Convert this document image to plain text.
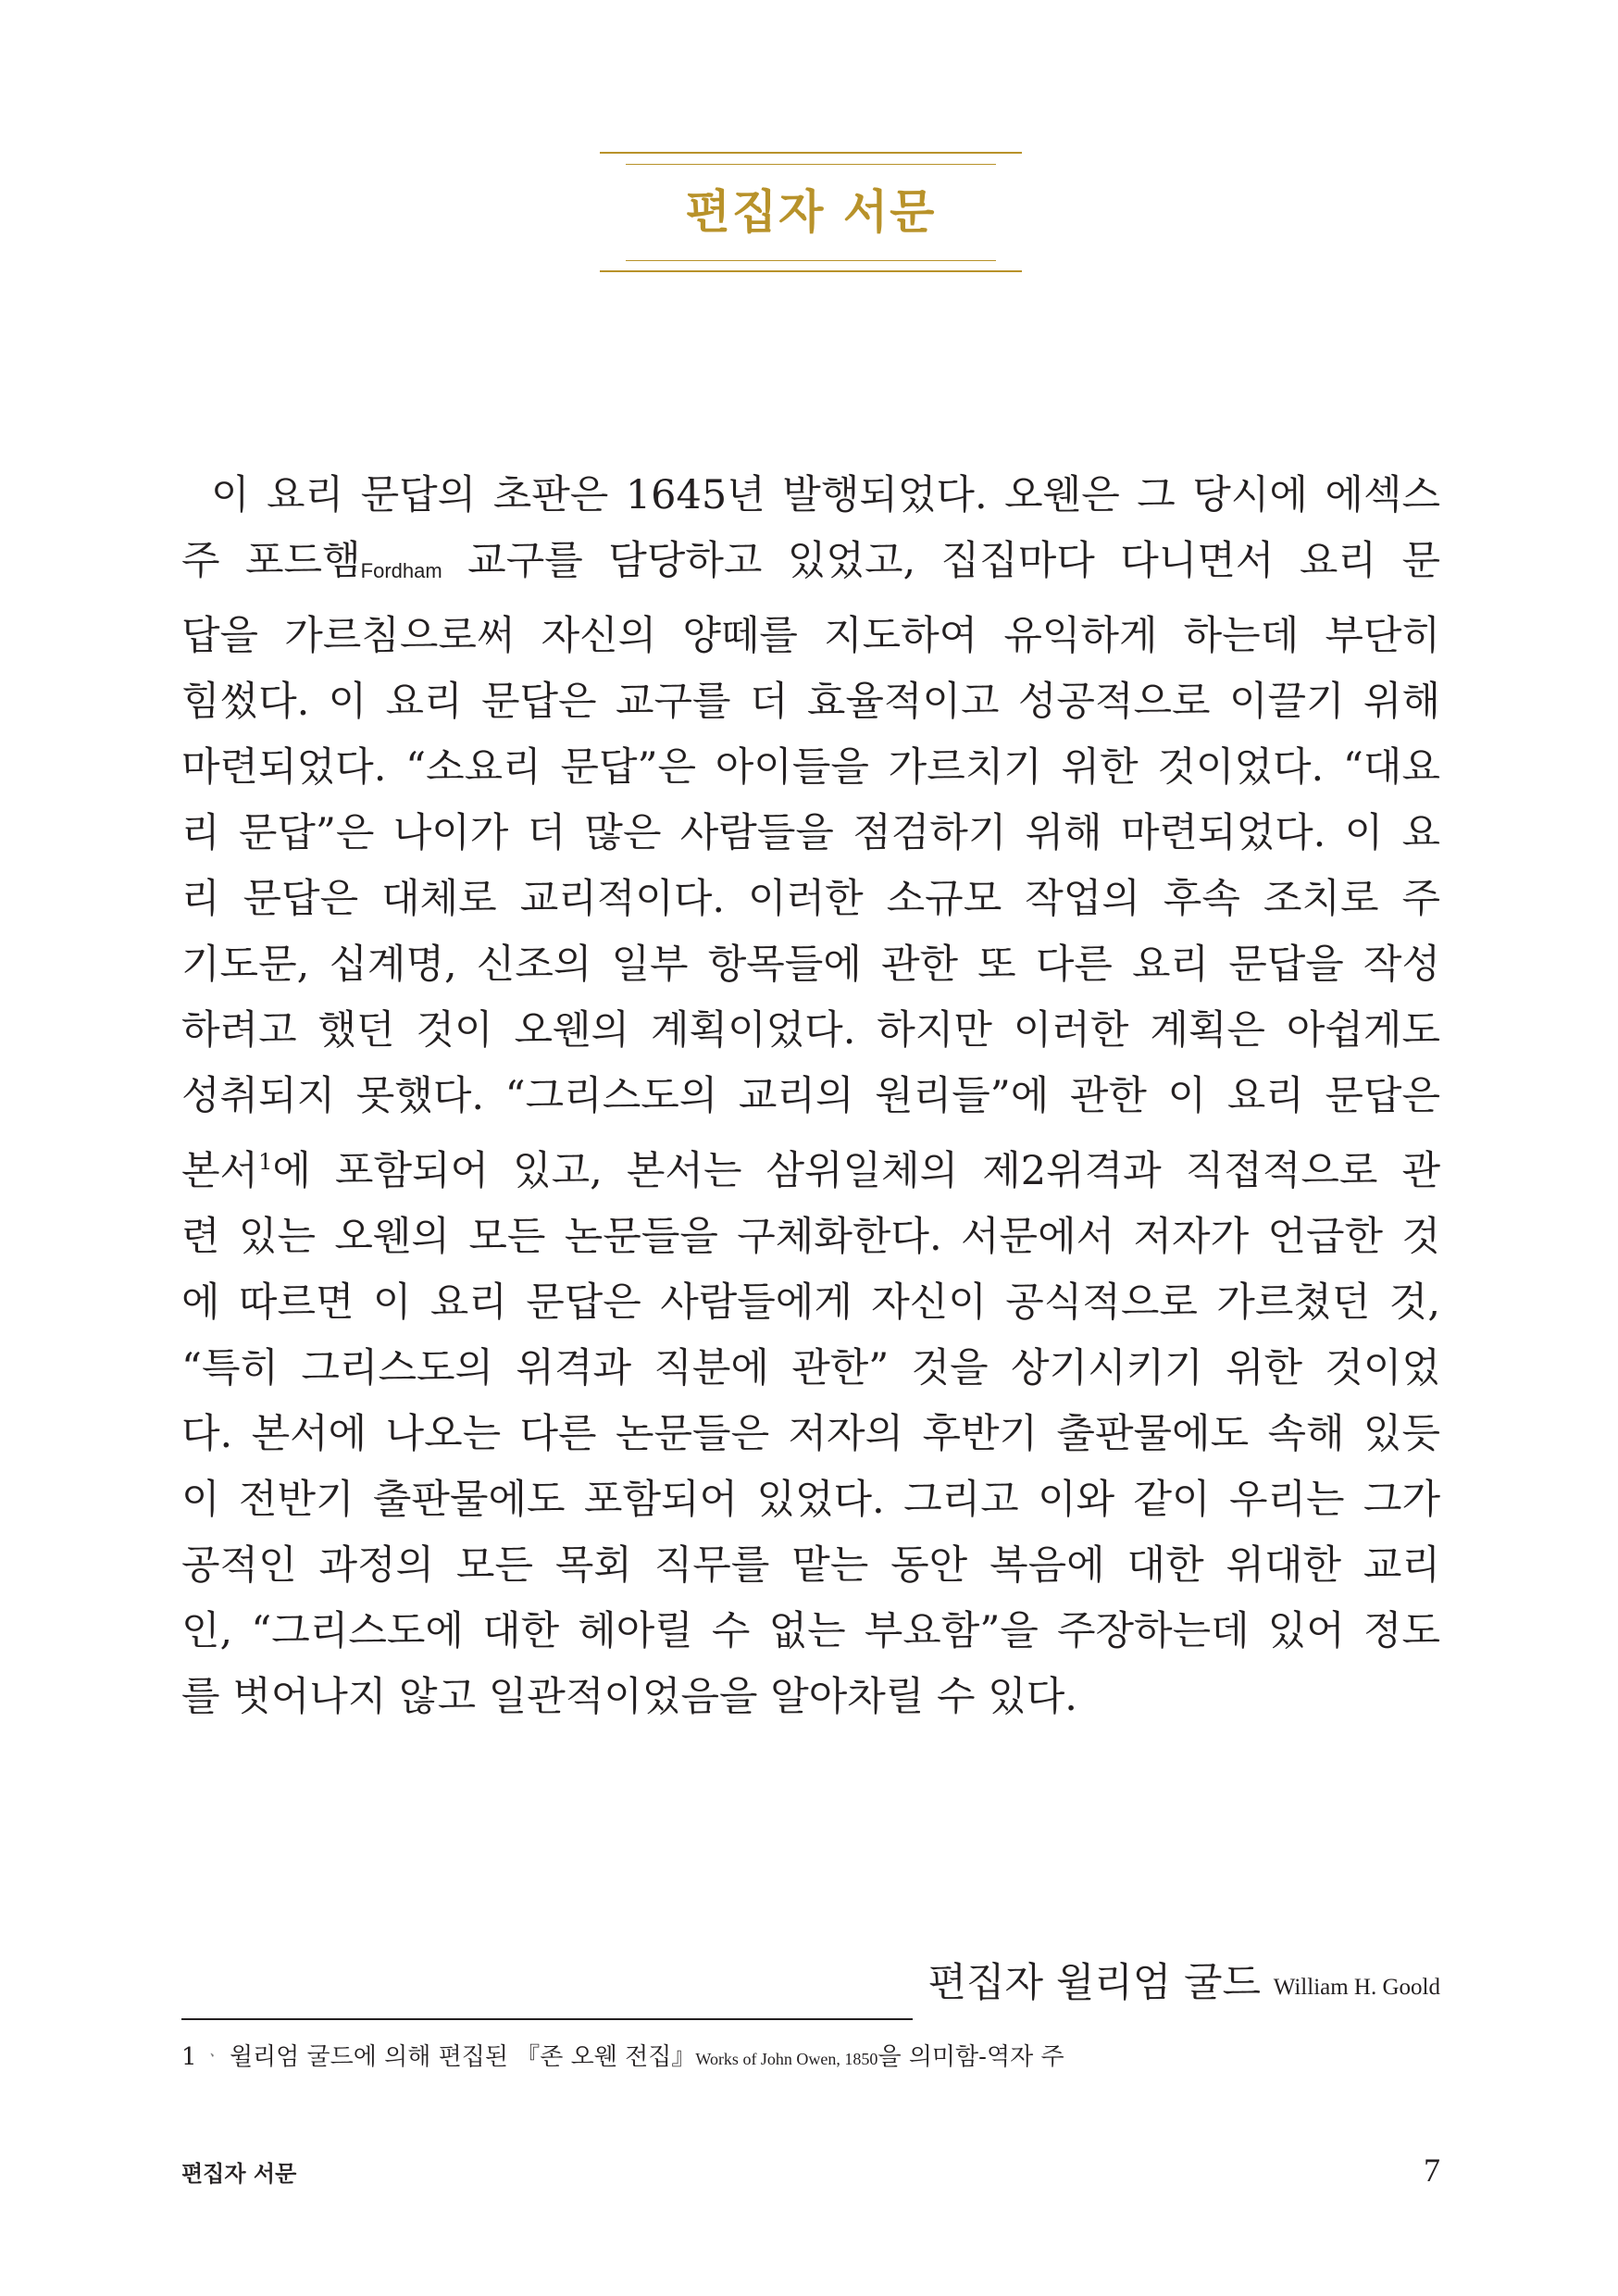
편집자 서문
이 요리 문답의 초판은 1645년 발행되었다. 오웬은 그 당시에 에섹스
주 포드햄Fordham 교구를 담당하고 있었고, 집집마다 다니면서 요리 문
답을 가르침으로써 자신의 양떼를 지도하여 유익하게 하는데 부단히
힘썼다. 이 요리 문답은 교구를 더 효율적이고 성공적으로 이끌기 위해
마련되었다. “소요리 문답”은 아이들을 가르치기 위한 것이었다. “대요
리 문답”은 나이가 더 많은 사람들을 점검하기 위해 마련되었다. 이 요
리 문답은 대체로 교리적이다. 이러한 소규모 작업의 후속 조치로 주
기도문, 십계명, 신조의 일부 항목들에 관한 또 다른 요리 문답을 작성
하려고 했던 것이 오웬의 계획이었다. 하지만 이러한 계획은 아쉽게도
성취되지 못했다. “그리스도의 교리의 원리들”에 관한 이 요리 문답은
본서$^1$에 포함되어 있고, 본서는 삼위일체의 제2위격과 직접적으로 관
련 있는 오웬의 모든 논문들을 구체화한다. 서문에서 저자가 언급한 것
에 따르면 이 요리 문답은 사람들에게 자신이 공식적으로 가르쳤던 것,
“특히 그리스도의 위격과 직분에 관한” 것을 상기시키기 위한 것이었
다. 본서에 나오는 다른 논문들은 저자의 후반기 출판물에도 속해 있듯
이 전반기 출판물에도 포함되어 있었다. 그리고 이와 같이 우리는 그가
공적인 과정의 모든 목회 직무를 맡는 동안 복음에 대한 위대한 교리
인, “그리스도에 대한 헤아릴 수 없는 부요함”을 주장하는데 있어 정도
를 벗어나지 않고 일관적이었음을 알아차릴 수 있다.
편집자 윌리엄 굴드 William H. Goold
1 ㆍ 윌리엄 굴드에 의해 편집된 『존 오웬 전집』Works of John Owen, 1850을 의미함-역자 주
편집자 서문	7
